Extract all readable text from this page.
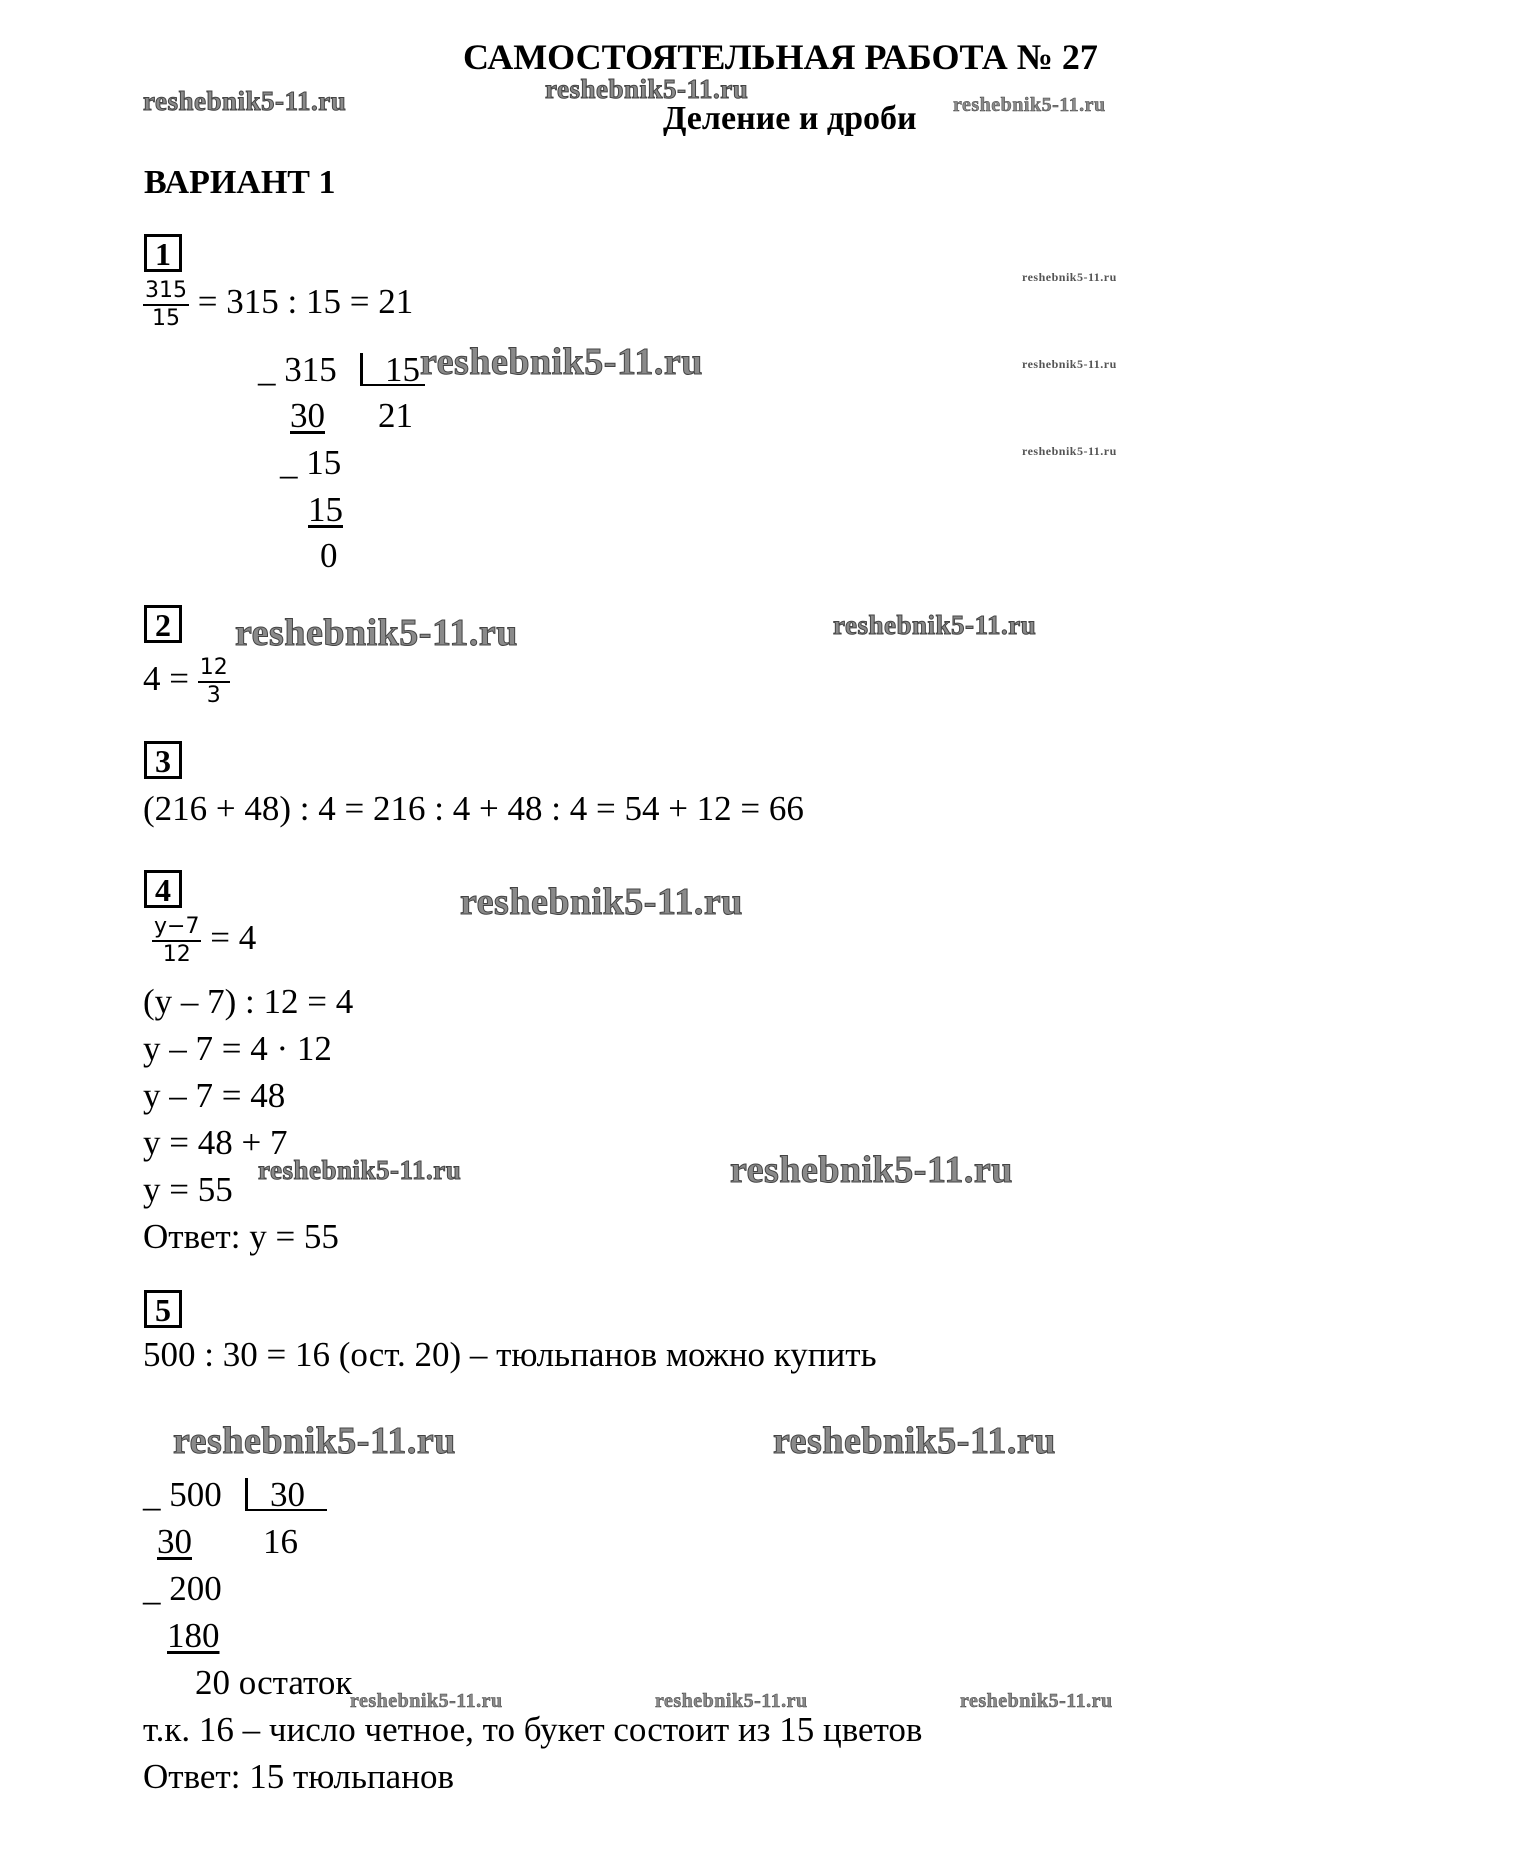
САМОСТОЯТЕЛЬНАЯ РАБОТА № 27
Деление и дроби
ВАРИАНТ 1
reshebnik5-11.ru	reshebnik5-11.ru
reshebnik5-11.ru
reshebnik5-11.ru
reshebnik5-11.ru
reshebnik5-11.ru
reshebnik5-11.ru
reshebnik5-11.ru	reshebnik5-11.ru
reshebnik5-11.ru
reshebnik5-11.ru	reshebnik5-11.ru
reshebnik5-11.ru	reshebnik5-11.ru
reshebnik5-11.ru	reshebnik5-11.ru	reshebnik5-11.ru
1
$\frac{315}{15} = 315$ : 15 = 21
_ 315 15
30 21
_ 15
15
0
2
$4 = \frac{12}{3}$
3
(216 + 48) : 4 = 216 : 4 + 48 : 4 = 54 + 12 = 66
4
$\frac{y-7}{12} = 4$
(y – 7) : 12 = 4
y – 7 = 4 · 12
y – 7 = 48
y = 48 + 7
y = 55
Ответ: y = 55
5
500 : 30 = 16 (ост. 20) – тюльпанов можно купить
_ 500 30
30 16
_ 200
180
20 остаток
т.к. 16 – число четное, то букет состоит из 15 цветов
Ответ: 15 тюльпанов
